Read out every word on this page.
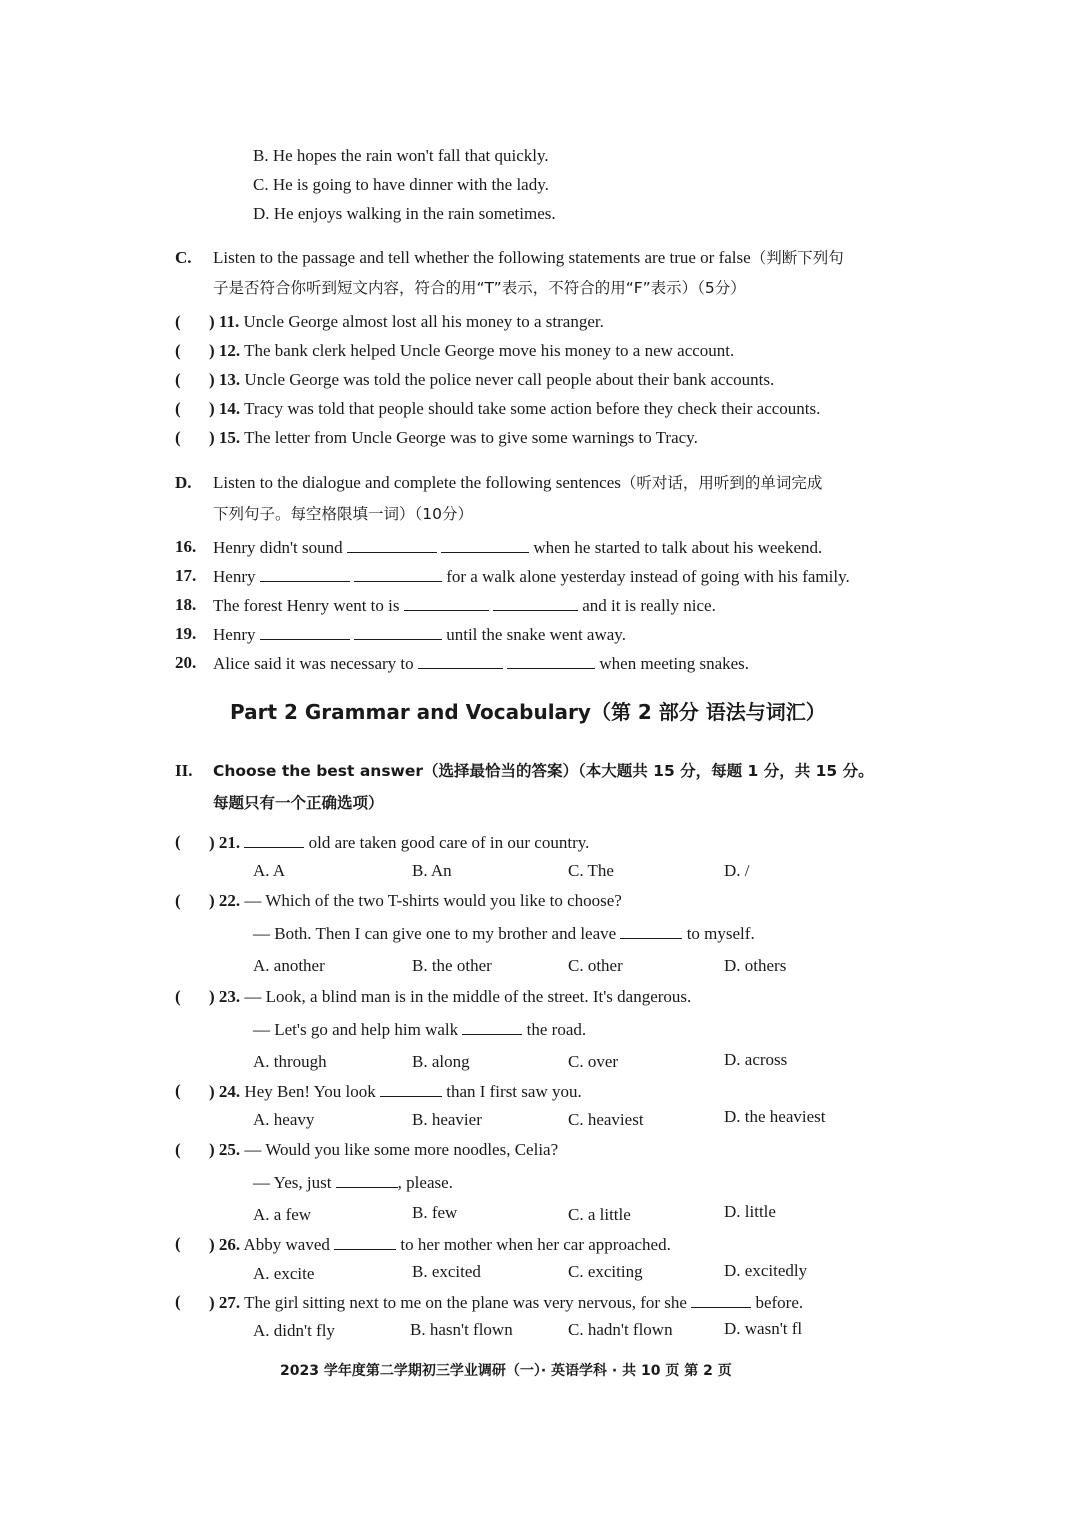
B. He hopes the rain won't fall that quickly.
C. He is going to have dinner with the lady.
D. He enjoys walking in the rain sometimes.
C. Listen to the passage and tell whether the following statements are true or false（判断下列句
子是否符合你听到短文内容，符合的用“T”表示，不符合的用“F”表示）（5分）
( ) 11. Uncle George almost lost all his money to a stranger.
( ) 12. The bank clerk helped Uncle George move his money to a new account.
( ) 13. Uncle George was told the police never call people about their bank accounts.
( ) 14. Tracy was told that people should take some action before they check their accounts.
( ) 15. The letter from Uncle George was to give some warnings to Tracy.
D. Listen to the dialogue and complete the following sentences（听对话，用听到的单词完成
下列句子。每空格限填一词）（10分）
16. Henry didn't sound	when he started to talk about his weekend.
17. Henry	for a walk alone yesterday instead of going with his family.
18. The forest Henry went to is	and it is really nice.
19. Henry	until the snake went away.
20. Alice said it was necessary to	when meeting snakes.
Part 2 Grammar and Vocabulary（第 2 部分 语法与词汇）
II. Choose the best answer（选择最恰当的答案）（本大题共 15 分，每题 1 分，共 15 分。
每题只有一个正确选项）
( ) 21.	old are taken good care of in our country.
A. A	B. An	C. The	D. /
( ) 22. — Which of the two T-shirts would you like to choose?
— Both. Then I can give one to my brother and leave	to myself.
A. another	B. the other	C. other	D. others
( ) 23. — Look, a blind man is in the middle of the street. It's dangerous.
— Let's go and help him walk	the road.
A. through	B. along	C. over	D. across
( ) 24. Hey Ben! You look	than I first saw you.
A. heavy	B. heavier	C. heaviest	D. the heaviest
( ) 25. — Would you like some more noodles, Celia?
— Yes, just	, please.
A. a few	B. few	C. a little	D. little
( ) 26. Abby waved	to her mother when her car approached.
A. excite	B. excited	C. exciting	D. excitedly
( ) 27. The girl sitting next to me on the plane was very nervous, for she	before.
A. didn't fly	B. hasn't flown	C. hadn't flown	D. wasn't fl
2023 学年度第二学期初三学业调研（一）· 英语学科 · 共 10 页 第 2 页
